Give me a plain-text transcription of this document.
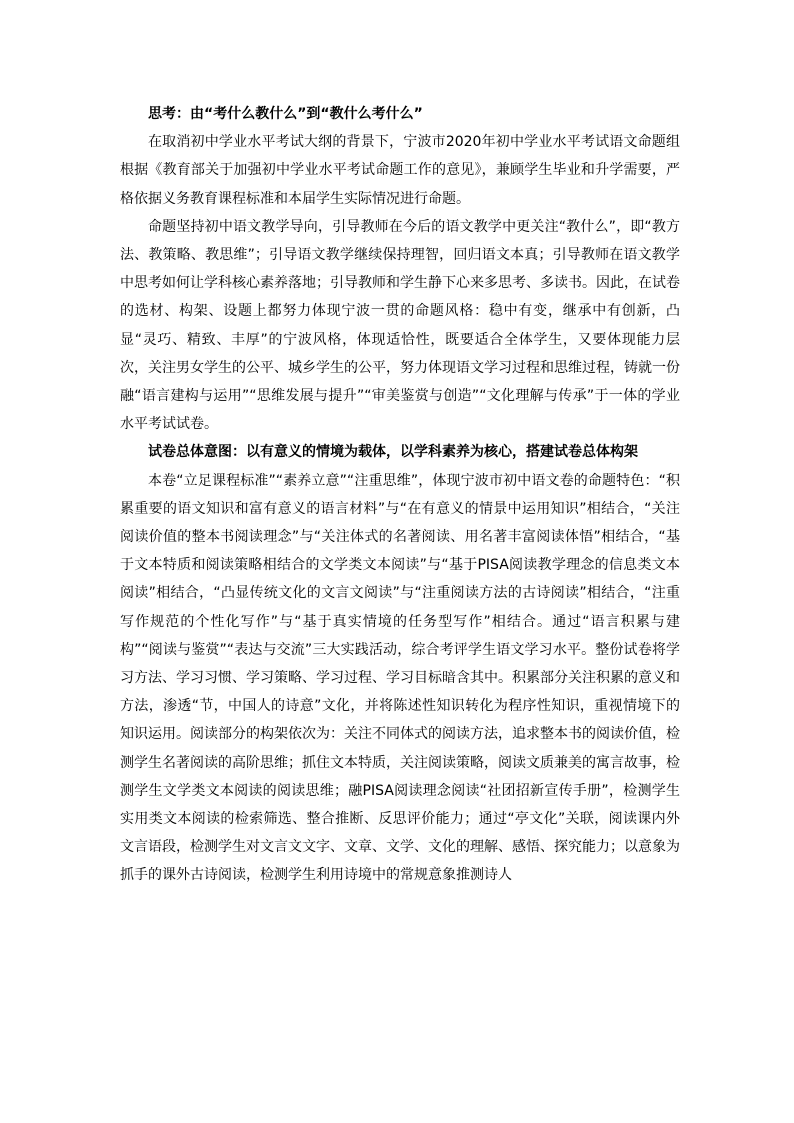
思考：由“考什么教什么”到“教什么考什么”

在取消初中学业水平考试大纲的背景下，宁波市2020年初中学业水平考试语文命题组根据《教育部关于加强初中学业水平考试命题工作的意见》，兼顾学生毕业和升学需要，严格依据义务教育课程标准和本届学生实际情况进行命题。

命题坚持初中语文教学导向，引导教师在今后的语文教学中更关注“教什么”，即“教方法、教策略、教思维”；引导语文教学继续保持理智，回归语文本真；引导教师在语文教学中思考如何让学科核心素养落地；引导教师和学生静下心来多思考、多读书。因此，在试卷的选材、构架、设题上都努力体现宁波一贯的命题风格：稳中有变，继承中有创新，凸显“灵巧、精致、丰厚”的宁波风格，体现适恰性，既要适合全体学生，又要体现能力层次，关注男女学生的公平、城乡学生的公平，努力体现语文学习过程和思维过程，铸就一份融“语言建构与运用”“思维发展与提升”“审美鉴赏与创造”“文化理解与传承”于一体的学业水平考试试卷。

试卷总体意图：以有意义的情境为载体，以学科素养为核心，搭建试卷总体构架

本卷“立足课程标准”“素养立意”“注重思维”，体现宁波市初中语文卷的命题特色：“积累重要的语文知识和富有意义的语言材料”与“在有意义的情景中运用知识”相结合，“关注阅读价值的整本书阅读理念”与“关注体式的名著阅读、用名著丰富阅读体悟”相结合，“基于文本特质和阅读策略相结合的文学类文本阅读”与“基于PISA阅读教学理念的信息类文本阅读”相结合，“凸显传统文化的文言文阅读”与“注重阅读方法的古诗阅读”相结合，“注重写作规范的个性化写作”与“基于真实情境的任务型写作”相结合。通过“语言积累与建构”“阅读与鉴赏”“表达与交流”三大实践活动，综合考评学生语文学习水平。整份试卷将学习方法、学习习惯、学习策略、学习过程、学习目标暗含其中。积累部分关注积累的意义和方法，渗透“节，中国人的诗意”文化，并将陈述性知识转化为程序性知识，重视情境下的知识运用。阅读部分的构架依次为：关注不同体式的阅读方法，追求整本书的阅读价值，检测学生名著阅读的高阶思维；抓住文本特质，关注阅读策略，阅读文质兼美的寓言故事，检测学生文学类文本阅读的阅读思维；融PISA阅读理念阅读“社团招新宣传手册”，检测学生实用类文本阅读的检索筛选、整合推断、反思评价能力；通过“亭文化”关联，阅读课内外文言语段，检测学生对文言文文字、文章、文学、文化的理解、感悟、探究能力；以意象为抓手的课外古诗阅读，检测学生利用诗境中的常规意象推测诗人
